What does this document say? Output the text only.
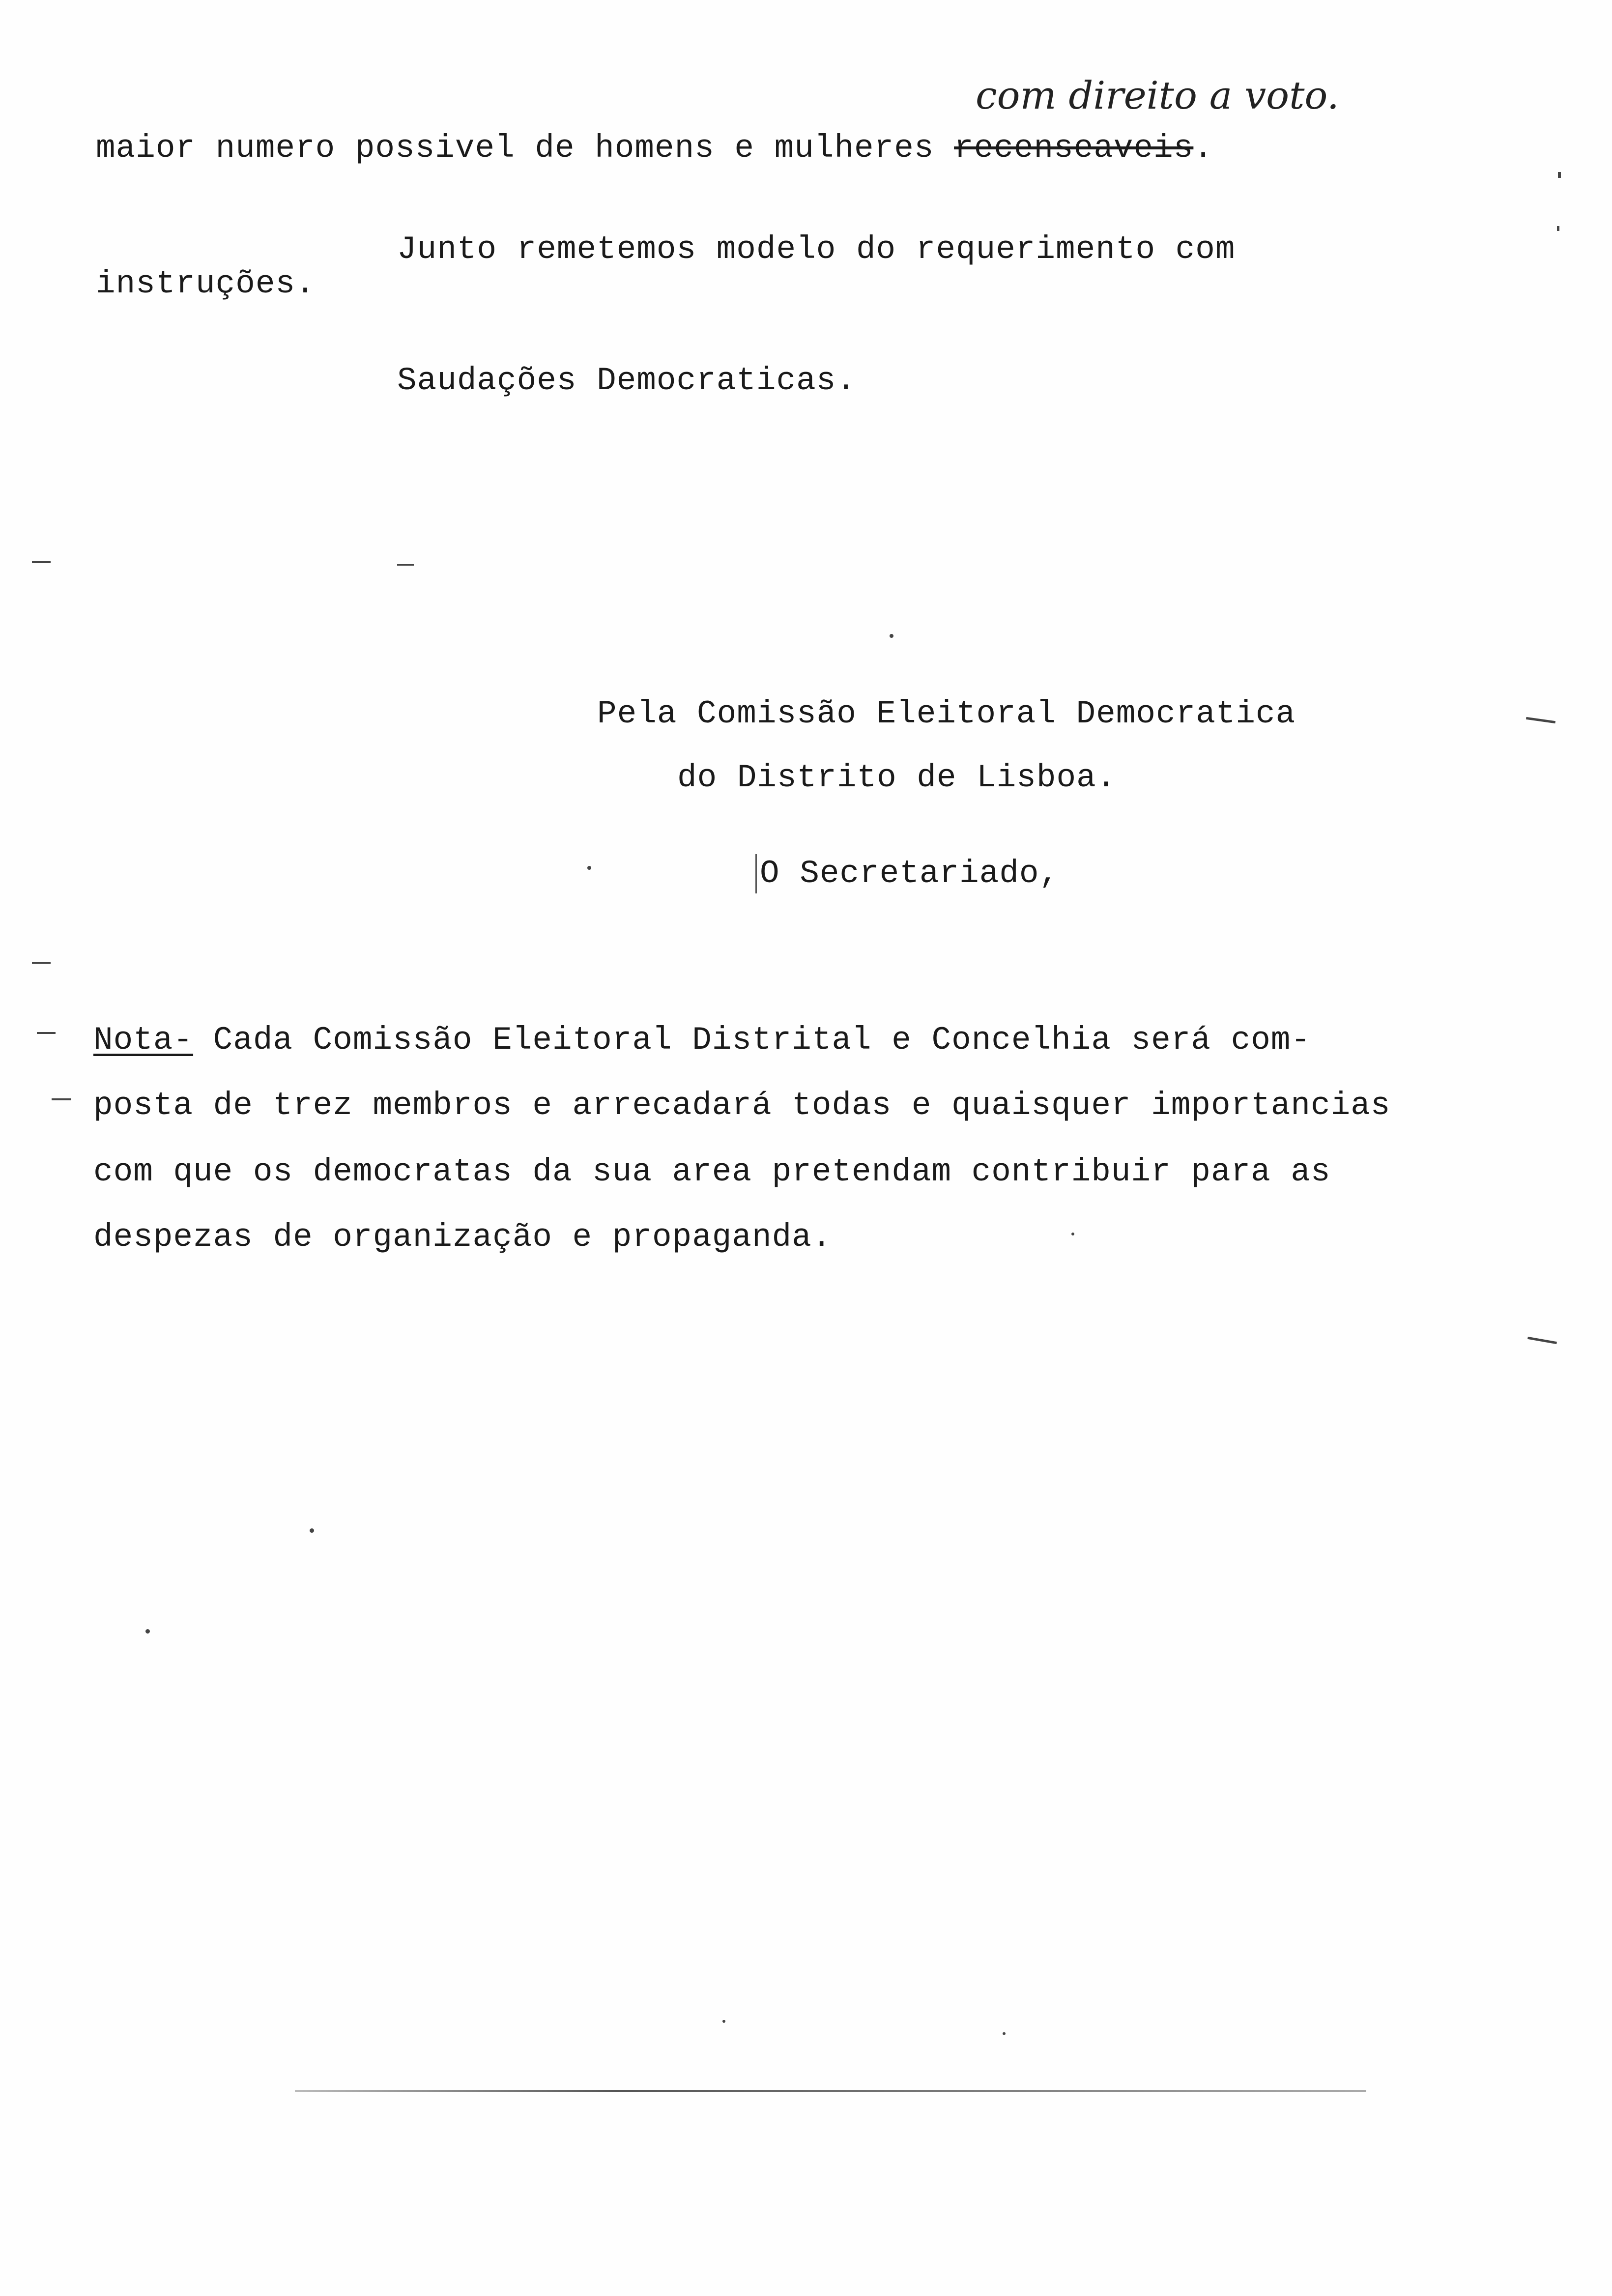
com direito a voto.
maior numero possivel de homens e mulheres recenseaveis.
Junto remetemos modelo do requerimento com
instruções.
Saudações Democraticas.
Pela Comissão Eleitoral Democratica
do Distrito de Lisboa.
O Secretariado,
Nota- Cada Comissão Eleitoral Distrital e Concelhia será com-
posta de trez membros e arrecadará todas e quaisquer importancias
com que os democratas da sua area pretendam contribuir para as
despezas de organização e propaganda.
